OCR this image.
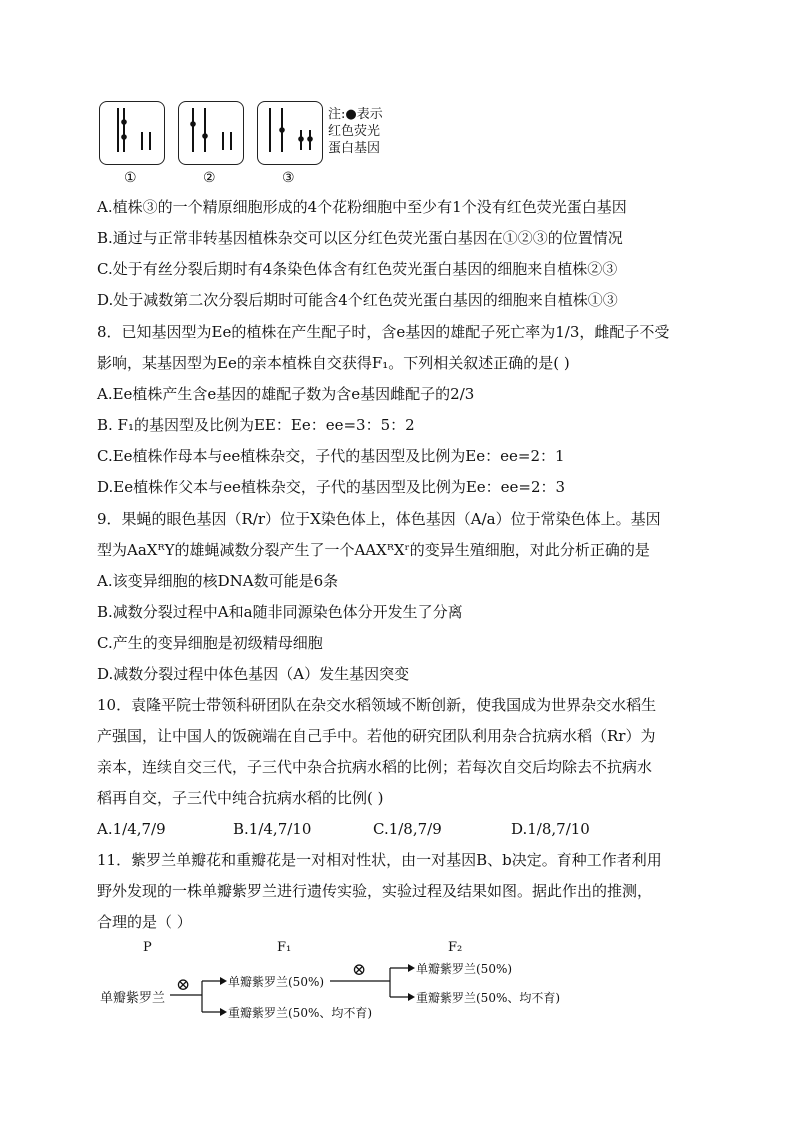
①	②	③
注:●表示
红色荧光
蛋白基因
A.植株③的一个精原细胞形成的4个花粉细胞中至少有1个没有红色荧光蛋白基因
B.通过与正常非转基因植株杂交可以区分红色荧光蛋白基因在①②③的位置情况
C.处于有丝分裂后期时有4条染色体含有红色荧光蛋白基因的细胞来自植株②③
D.处于减数第二次分裂后期时可能含4个红色荧光蛋白基因的细胞来自植株①③
8．已知基因型为Ee的植株在产生配子时，含e基因的雄配子死亡率为1/3，雌配子不受
影响，某基因型为Ee的亲本植株自交获得F₁。下列相关叙述正确的是( )
A.Ee植株产生含e基因的雄配子数为含e基因雌配子的2/3
B. F₁的基因型及比例为EE：Ee：ee=3：5：2
C.Ee植株作母本与ee植株杂交，子代的基因型及比例为Ee：ee=2：1
D.Ee植株作父本与ee植株杂交，子代的基因型及比例为Ee：ee=2：3
9．果蝇的眼色基因（R/r）位于X染色体上，体色基因（A/a）位于常染色体上。基因
型为AaXᴿY的雄蝇减数分裂产生了一个AAXᴿXʳ的变异生殖细胞，对此分析正确的是
A.该变异细胞的核DNA数可能是6条
B.减数分裂过程中A和a随非同源染色体分开发生了分离
C.产生的变异细胞是初级精母细胞
D.减数分裂过程中体色基因（A）发生基因突变
10．袁隆平院士带领科研团队在杂交水稻领域不断创新，使我国成为世界杂交水稻生
产强国，让中国人的饭碗端在自己手中。若他的研究团队利用杂合抗病水稻（Rr）为
亲本，连续自交三代，子三代中杂合抗病水稻的比例；若每次自交后均除去不抗病水
稻再自交，子三代中纯合抗病水稻的比例( )
A.1/4,7/9	B.1/4,7/10	C.1/8,7/9	D.1/8,7/10
11．紫罗兰单瓣花和重瓣花是一对相对性状，由一对基因B、b决定。育种工作者利用
野外发现的一株单瓣紫罗兰进行遗传实验，实验过程及结果如图。据此作出的推测，
合理的是（ ）
P	F₁	F₂
单瓣紫罗兰
⊗
⊗
单瓣紫罗兰(50%)
重瓣紫罗兰(50%、均不育)
单瓣紫罗兰(50%)
重瓣紫罗兰(50%、均不育)
